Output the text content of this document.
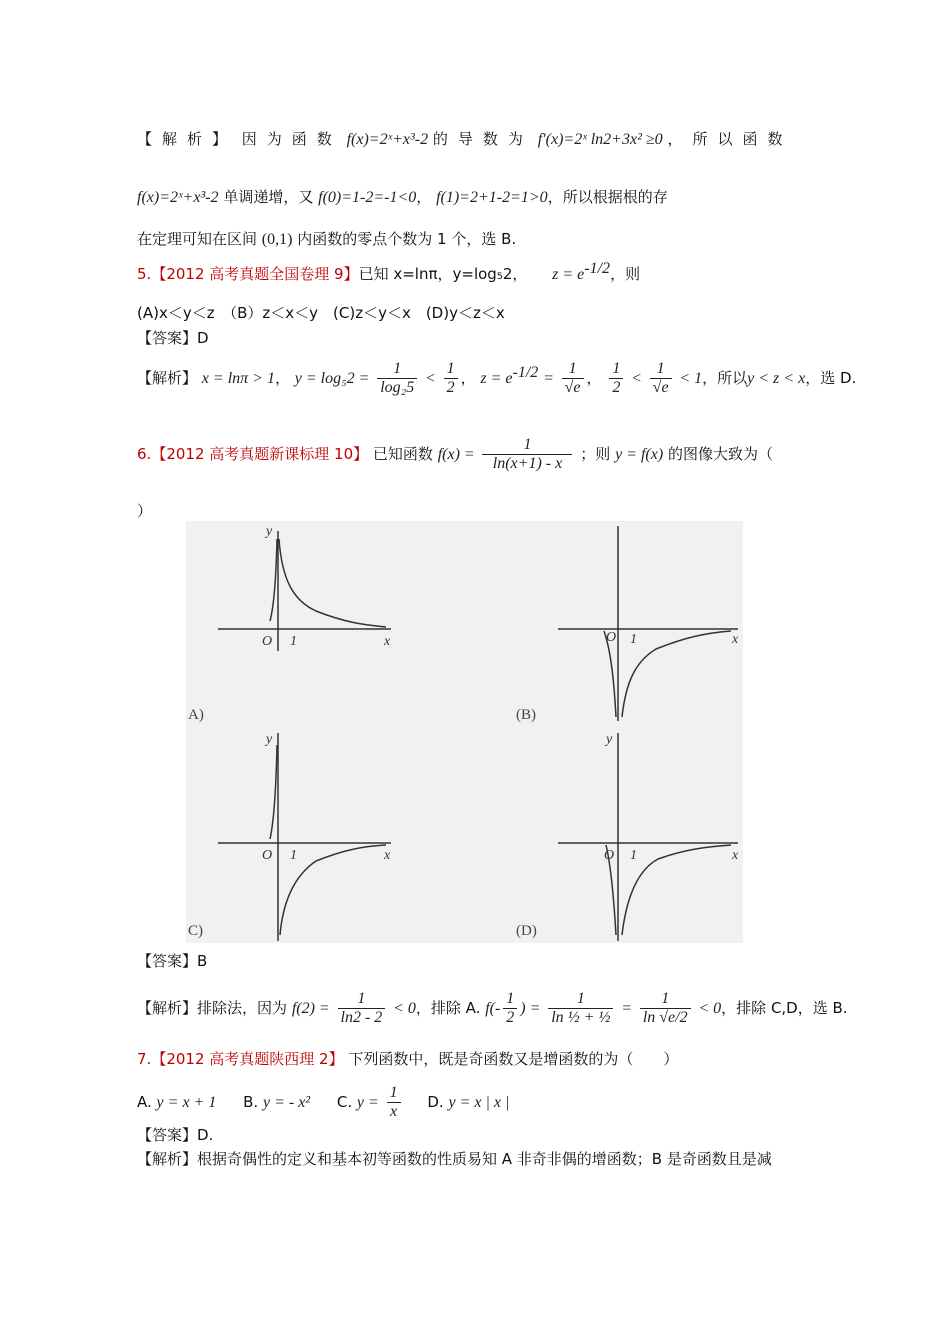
【解析】 因为函数 f(x)=2ˣ+x³-2 的导数为 f′(x)=2ˣ ln2+3x² ≥0 ，所以函数
f(x)=2ˣ+x³-2 单调递增，又 f(0)=1-2=-1<0， f(1)=2+1-2=1>0，所以根据根的存
在定理可知在区间 (0,1) 内函数的零点个数为 1 个，选 B.
5.【2012 高考真题全国卷理 9】已知 x=lnπ，y=log₅2， $z = e^{-1/2}$，则
(A)x＜y＜z　（B）z＜x＜y　(C)z＜y＜x　(D)y＜z＜x
【答案】D
【解析】 x = lnπ > 1， $y = \log_52 = \frac{1}{\text{log₂5}} < \frac{1}{2}$ ， $z = e^{-1/2} = \frac{1}{√e}$ ， $\frac{1}{2} < \frac{1}{√e} < 1$，所以y < z < x，选 D.
6.【2012 高考真题新课标理 10】 已知函数 $f(x) = \frac{1}{\ln(x+1) - x}$ ；则 y = f(x) 的图像大致为（
）
y
x
O 1
A)
O 1	x
(B)
y
x
O 1
C)
y
O 1	x
(D)
【答案】B
【解析】排除法，因为 $f(2) = \frac{1}{\ln 2 - 2} < 0$，排除 A. $f(- \frac{1}{2}$ ) = $\frac{1}{\text{ln ½ + ½}} = \frac{1}{\ln √e/2} < 0$，排除 C,D，选 B.
7.【2012 高考真题陕西理 2】 下列函数中，既是奇函数又是增函数的为（　　）
A. y = x + 1 B. y = - x² C. $y = \frac{1}{x} D$. y = x | x |
【答案】D.
【解析】根据奇偶性的定义和基本初等函数的性质易知 A 非奇非偶的增函数；B 是奇函数且是减
